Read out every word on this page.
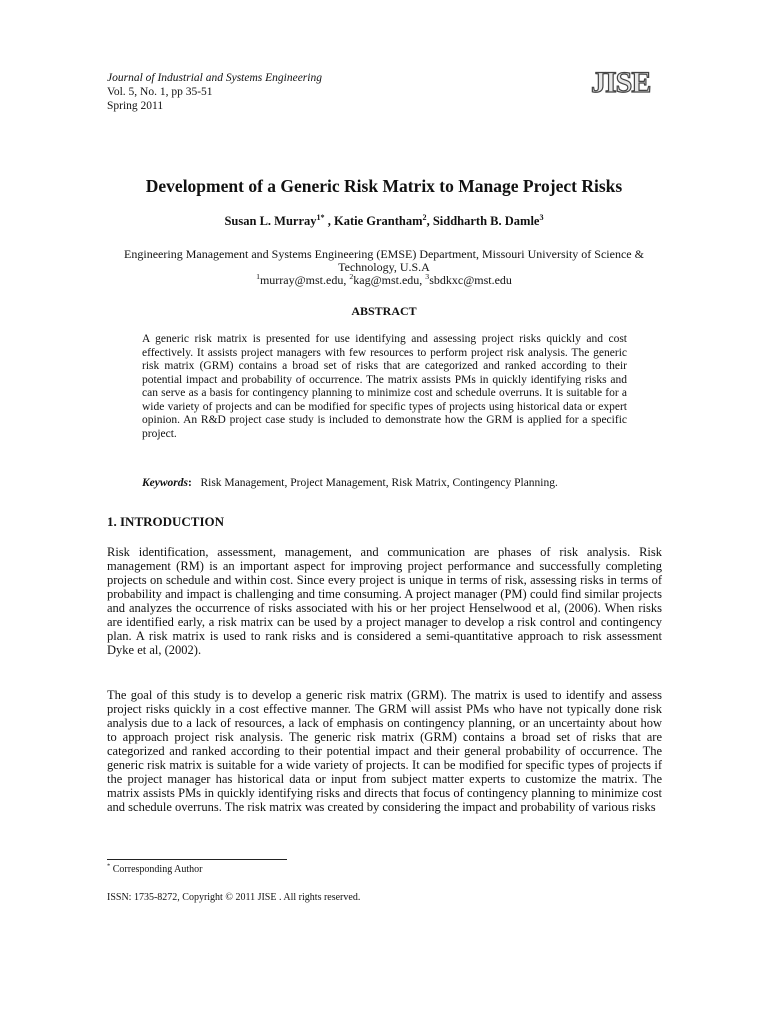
Journal of Industrial and Systems Engineering
Vol. 5, No. 1, pp 35-51
Spring 2011
JISE
Development of a Generic Risk Matrix to Manage Project Risks
Susan L. Murray$^{1*}$ , Katie Grantham$^2$, Siddharth B. Damle$^3$
Engineering Management and Systems Engineering (EMSE) Department, Missouri University of Science &
Technology, U.S.A
$^1$murray@mst.edu, $^2$kag@mst.edu, $^3$sbdkxc@mst.edu
ABSTRACT
A generic risk matrix is presented for use identifying and assessing project risks quickly and cost effectively. It assists project managers with few resources to perform project risk analysis. The generic risk matrix (GRM) contains a broad set of risks that are categorized and ranked according to their potential impact and probability of occurrence. The matrix assists PMs in quickly identifying risks and can serve as a basis for contingency planning to minimize cost and schedule overruns. It is suitable for a wide variety of projects and can be modified for specific types of projects using historical data or expert opinion. An R&D project case study is included to demonstrate how the GRM is applied for a specific project.
Keywords: Risk Management, Project Management, Risk Matrix, Contingency Planning.
1. INTRODUCTION

Risk identification, assessment, management, and communication are phases of risk analysis. Risk management (RM) is an important aspect for improving project performance and successfully completing projects on schedule and within cost. Since every project is unique in terms of risk, assessing risks in terms of probability and impact is challenging and time consuming. A project manager (PM) could find similar projects and analyzes the occurrence of risks associated with his or her project Henselwood et al, (2006). When risks are identified early, a risk matrix can be used by a project manager to develop a risk control and contingency plan. A risk matrix is used to rank risks and is considered a semi-quantitative approach to risk assessment Dyke et al, (2002).

The goal of this study is to develop a generic risk matrix (GRM). The matrix is used to identify and assess project risks quickly in a cost effective manner. The GRM will assist PMs who have not typically done risk analysis due to a lack of resources, a lack of emphasis on contingency planning, or an uncertainty about how to approach project risk analysis. The generic risk matrix (GRM) contains a broad set of risks that are categorized and ranked according to their potential impact and their general probability of occurrence. The generic risk matrix is suitable for a wide variety of projects. It can be modified for specific types of projects if the project manager has historical data or input from subject matter experts to customize the matrix. The matrix assists PMs in quickly identifying risks and directs that focus of contingency planning to minimize cost and schedule overruns. The risk matrix was created by considering the impact and probability of various risks

* Corresponding Author
ISSN: 1735-8272, Copyright © 2011 JISE . All rights reserved.
